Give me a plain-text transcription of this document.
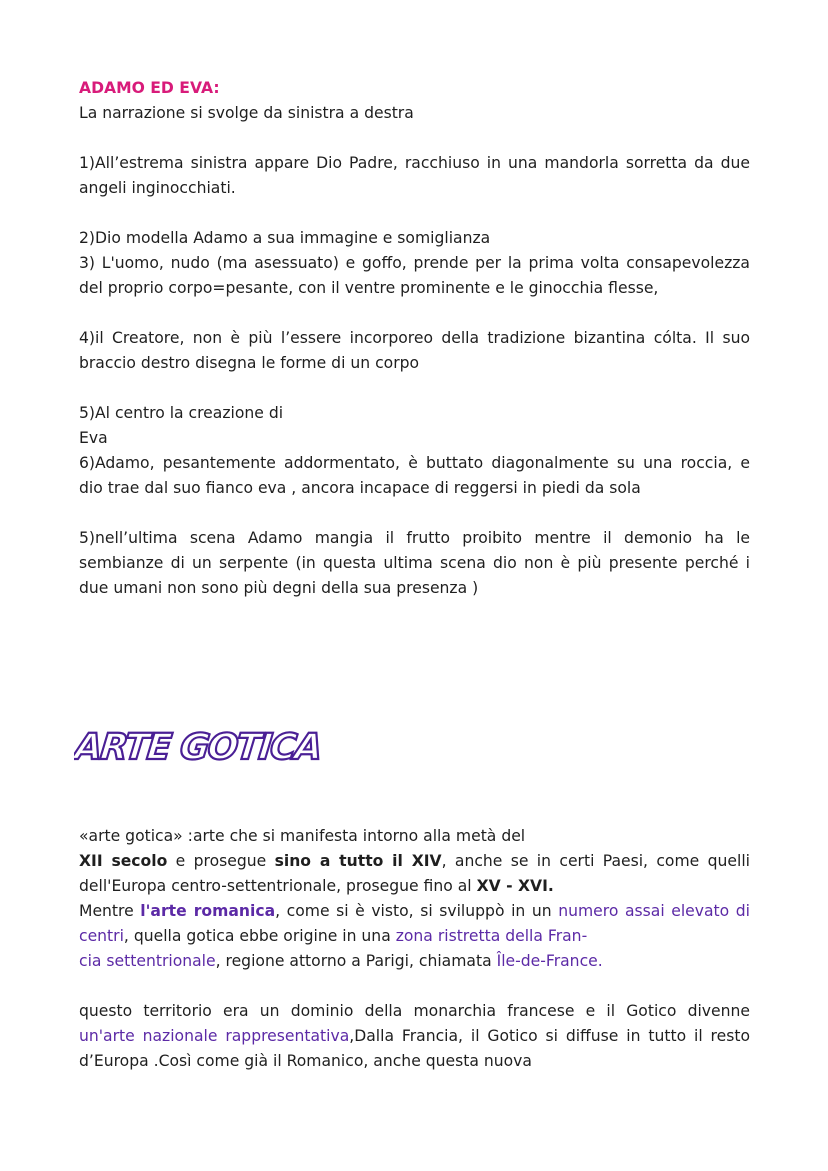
ADAMO ED EVA:

La narrazione si svolge da sinistra a destra

1)All’estrema sinistra appare Dio Padre, racchiuso in una mandorla sorretta da due

angeli inginocchiati.

2)Dio modella Adamo a sua immagine e somiglianza

3) L'uomo, nudo (ma asessuato) e goffo, prende per la prima volta consapevolezza

del proprio corpo=pesante, con il ventre prominente e le ginocchia flesse,

4)il Creatore, non è più l’essere incorporeo della tradizione bizantina cólta. Il suo

braccio destro disegna le forme di un corpo

5)Al centro la creazione di

Eva

6)Adamo, pesantemente addormentato, è buttato diagonalmente su una roccia, e

dio trae dal suo fianco eva , ancora incapace di reggersi in piedi da sola

5)nell’ultima scena Adamo mangia il frutto proibito mentre il demonio ha le

sembianze di un serpente (in questa ultima scena dio non è più presente perché i

due umani non sono più degni della sua presenza )

ARTE GOTICA

«arte gotica» :arte che si manifesta intorno alla metà del

XII secolo e prosegue sino a tutto il XIV, anche se in certi Paesi, come quelli

dell'Europa centro-settentrionale, prosegue fino al XV - XVI.

Mentre l'arte romanica, come si è visto, si sviluppò in un numero assai elevato di

centri, quella gotica ebbe origine in una zona ristretta della Fran-

cia settentrionale, regione attorno a Parigi, chiamata Île-de-France.

questo territorio era un dominio della monarchia francese e il Gotico divenne

un'arte nazionale rappresentativa,Dalla Francia, il Gotico si diffuse in tutto il resto

d’Europa .Così come già il Romanico, anche questa nuova
